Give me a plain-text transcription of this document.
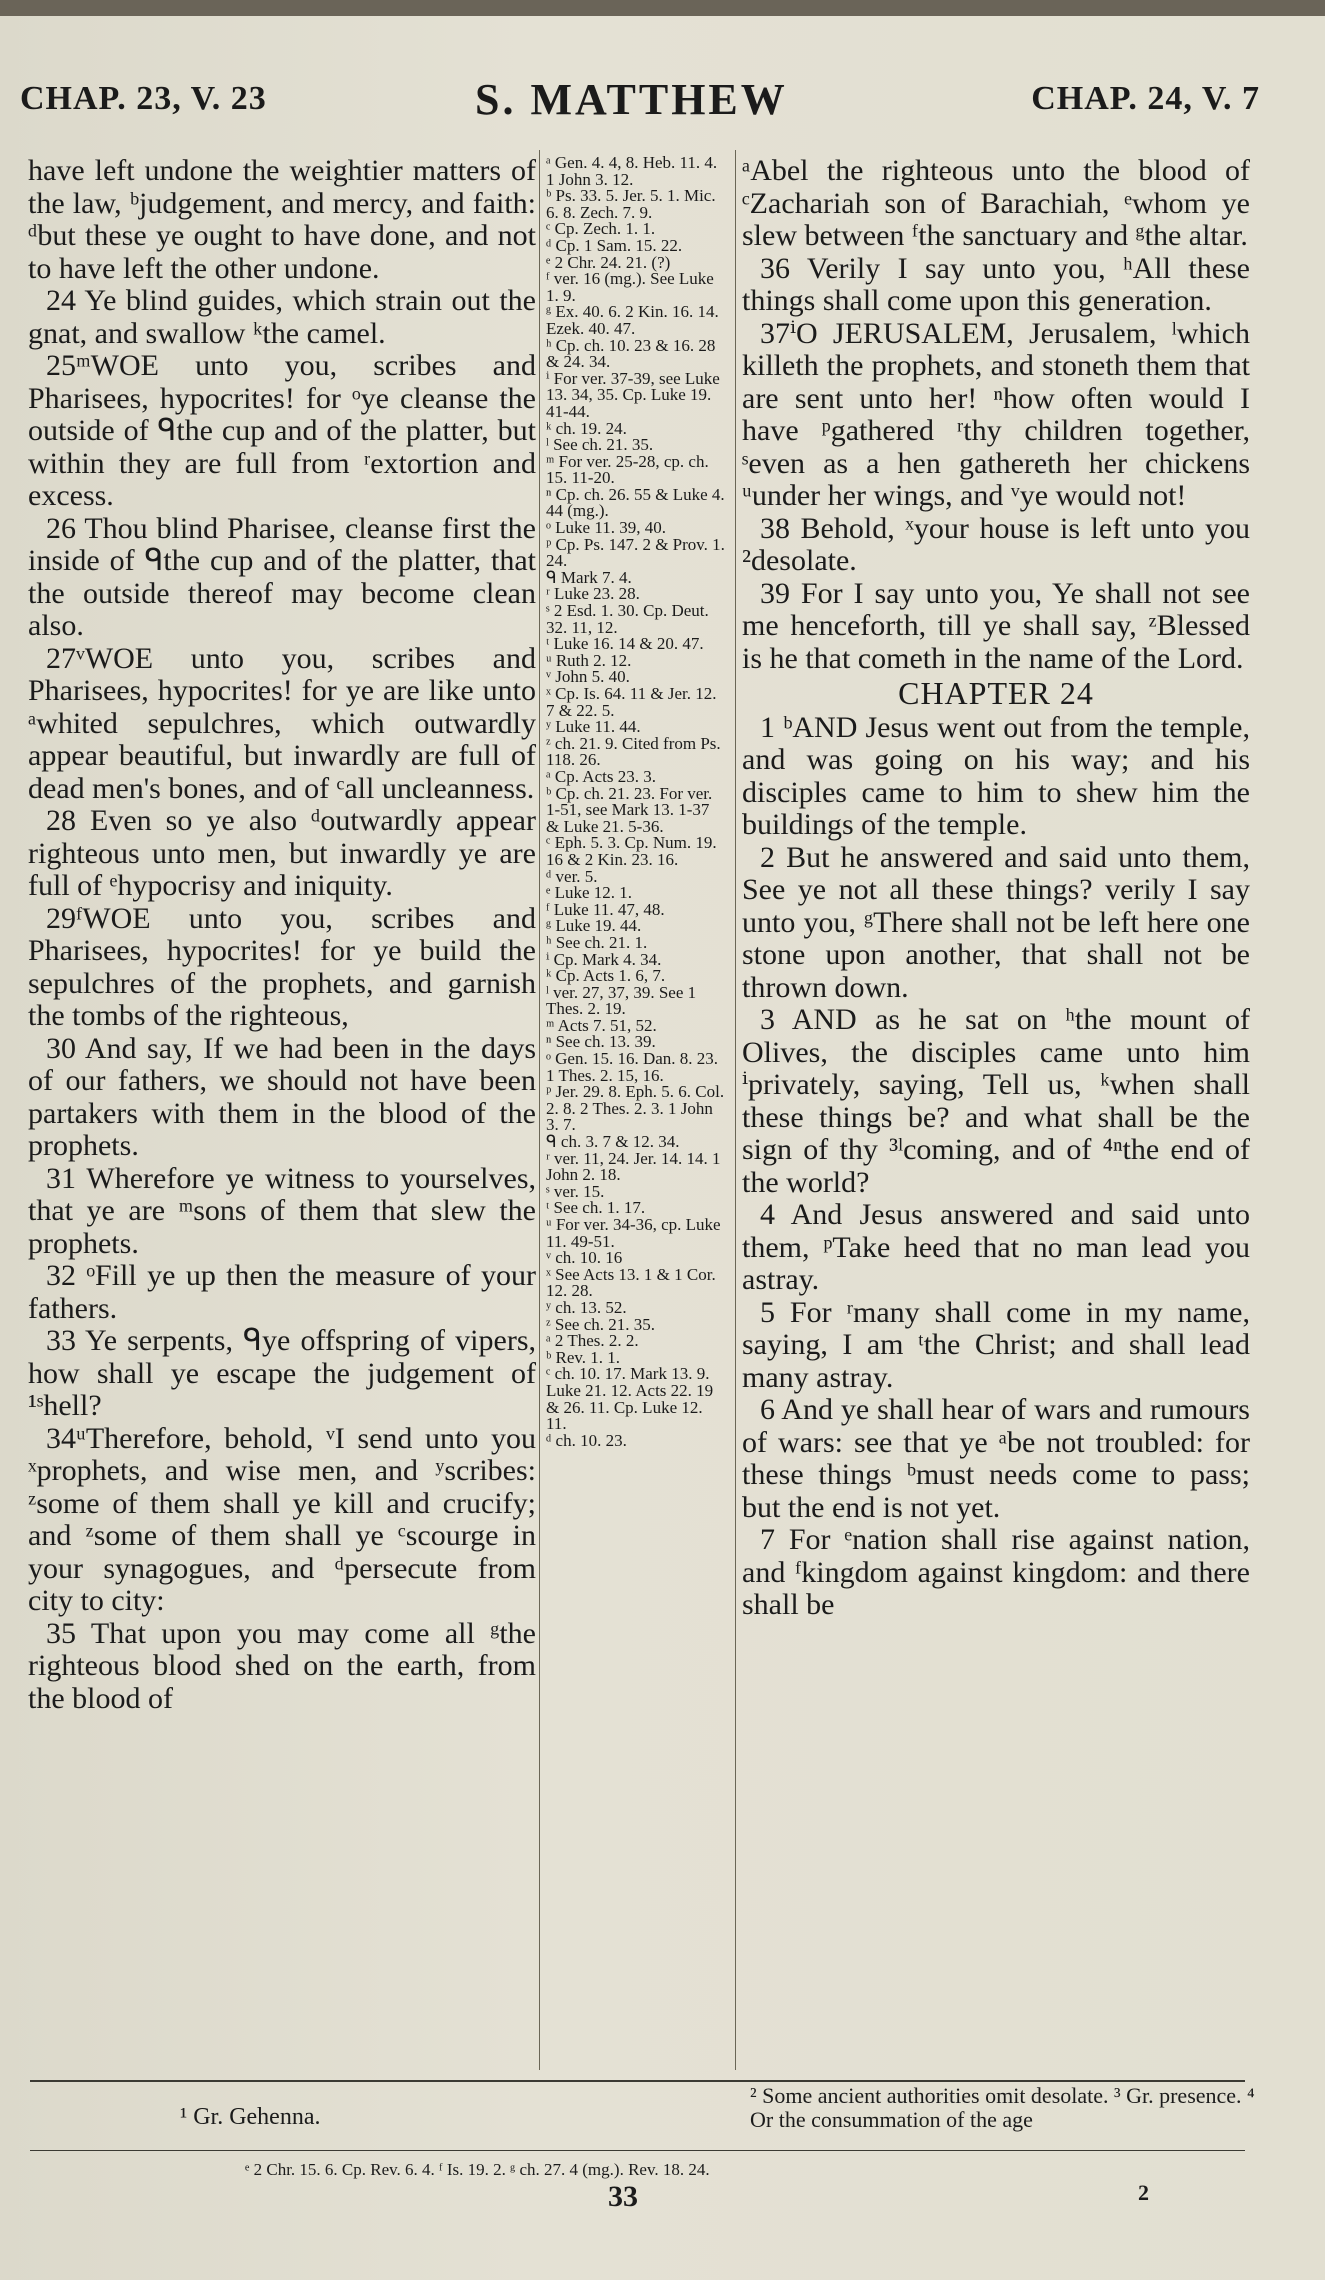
CHAP. 23, V. 23	S. MATTHEW	CHAP. 24, V. 7

have left undone the weightier matters of the law, ᵇjudgement, and mercy, and faith: ᵈbut these ye ought to have done, and not to have left the other undone.

24 Ye blind guides, which strain out the gnat, and swallow ᵏthe camel.

25ᵐWOE unto you, scribes and Pharisees, hypocrites! for ᵒye cleanse the outside of ᑫthe cup and of the platter, but within they are full from ʳextortion and excess.

26 Thou blind Pharisee, cleanse first the inside of ᑫthe cup and of the platter, that the outside thereof may become clean also.

27ᵛWOE unto you, scribes and Pharisees, hypocrites! for ye are like unto ᵃwhited sepulchres, which outwardly appear beautiful, but inwardly are full of dead men's bones, and of ᶜall uncleanness.

28 Even so ye also ᵈoutwardly appear righteous unto men, but inwardly ye are full of ᵉhypocrisy and iniquity.

29ᶠWOE unto you, scribes and Pharisees, hypocrites! for ye build the sepulchres of the prophets, and garnish the tombs of the righteous,

30 And say, If we had been in the days of our fathers, we should not have been partakers with them in the blood of the prophets.

31 Wherefore ye witness to yourselves, that ye are ᵐsons of them that slew the prophets.

32 ᵒFill ye up then the measure of your fathers.

33 Ye serpents, ᑫye offspring of vipers, how shall ye escape the judgement of ¹ˢhell?

34ᵘTherefore, behold, ᵛI send unto you ˣprophets, and wise men, and ʸscribes: ᶻsome of them shall ye kill and crucify; and ᶻsome of them shall ye ᶜscourge in your synagogues, and ᵈpersecute from city to city:

35 That upon you may come all ᵍthe righteous blood shed on the earth, from the blood of

ᵃ Gen. 4. 4, 8. Heb. 11. 4. 1 John 3. 12.
ᵇ Ps. 33. 5. Jer. 5. 1. Mic. 6. 8. Zech. 7. 9.
ᶜ Cp. Zech. 1. 1.
ᵈ Cp. 1 Sam. 15. 22.
ᵉ 2 Chr. 24. 21. (?)
ᶠ ver. 16 (mg.). See Luke 1. 9.
ᵍ Ex. 40. 6. 2 Kin. 16. 14. Ezek. 40. 47.
ʰ Cp. ch. 10. 23 & 16. 28 & 24. 34.
ⁱ For ver. 37-39, see Luke 13. 34, 35. Cp. Luke 19. 41-44.
ᵏ ch. 19. 24.
ˡ See ch. 21. 35.
ᵐ For ver. 25-28, cp. ch. 15. 11-20.
ⁿ Cp. ch. 26. 55 & Luke 4. 44 (mg.).
ᵒ Luke 11. 39, 40.
ᵖ Cp. Ps. 147. 2 & Prov. 1. 24.
ᑫ Mark 7. 4.
ʳ Luke 23. 28.
ˢ 2 Esd. 1. 30. Cp. Deut. 32. 11, 12.
ᵗ Luke 16. 14 & 20. 47.
ᵘ Ruth 2. 12.
ᵛ John 5. 40.
ˣ Cp. Is. 64. 11 & Jer. 12. 7 & 22. 5.
ʸ Luke 11. 44.
ᶻ ch. 21. 9. Cited from Ps. 118. 26.
ᵃ Cp. Acts 23. 3.
ᵇ Cp. ch. 21. 23. For ver. 1-51, see Mark 13. 1-37 & Luke 21. 5-36.
ᶜ Eph. 5. 3. Cp. Num. 19. 16 & 2 Kin. 23. 16.
ᵈ ver. 5.
ᵉ Luke 12. 1.
ᶠ Luke 11. 47, 48.
ᵍ Luke 19. 44.
ʰ See ch. 21. 1.
ⁱ Cp. Mark 4. 34.
ᵏ Cp. Acts 1. 6, 7.
ˡ ver. 27, 37, 39. See 1 Thes. 2. 19.
ᵐ Acts 7. 51, 52.
ⁿ See ch. 13. 39.
ᵒ Gen. 15. 16. Dan. 8. 23. 1 Thes. 2. 15, 16.
ᵖ Jer. 29. 8. Eph. 5. 6. Col. 2. 8. 2 Thes. 2. 3. 1 John 3. 7.
ᑫ ch. 3. 7 & 12. 34.
ʳ ver. 11, 24. Jer. 14. 14. 1 John 2. 18.
ˢ ver. 15.
ᵗ See ch. 1. 17.
ᵘ For ver. 34-36, cp. Luke 11. 49-51.
ᵛ ch. 10. 16
ˣ See Acts 13. 1 & 1 Cor. 12. 28.
ʸ ch. 13. 52.
ᶻ See ch. 21. 35.
ᵃ 2 Thes. 2. 2.
ᵇ Rev. 1. 1.
ᶜ ch. 10. 17. Mark 13. 9. Luke 21. 12. Acts 22. 19 & 26. 11. Cp. Luke 12. 11.
ᵈ ch. 10. 23.

ᵃAbel the righteous unto the blood of ᶜZachariah son of Barachiah, ᵉwhom ye slew between ᶠthe sanctuary and ᵍthe altar.

36 Verily I say unto you, ʰAll these things shall come upon this generation.

37ⁱO JERUSALEM, Jerusalem, ˡwhich killeth the prophets, and stoneth them that are sent unto her! ⁿhow often would I have ᵖgathered ʳthy children together, ˢeven as a hen gathereth her chickens ᵘunder her wings, and ᵛye would not!

38 Behold, ˣyour house is left unto you ²desolate.

39 For I say unto you, Ye shall not see me henceforth, till ye shall say, ᶻBlessed is he that cometh in the name of the Lord.

CHAPTER 24

1 ᵇAND Jesus went out from the temple, and was going on his way; and his disciples came to him to shew him the buildings of the temple.

2 But he answered and said unto them, See ye not all these things? verily I say unto you, ᵍThere shall not be left here one stone upon another, that shall not be thrown down.

3 AND as he sat on ʰthe mount of Olives, the disciples came unto him ⁱprivately, saying, Tell us, ᵏwhen shall these things be? and what shall be the sign of thy ³ˡcoming, and of ⁴ⁿthe end of the world?

4 And Jesus answered and said unto them, ᵖTake heed that no man lead you astray.

5 For ʳmany shall come in my name, saying, I am ᵗthe Christ; and shall lead many astray.

6 And ye shall hear of wars and rumours of wars: see that ye ᵃbe not troubled: for these things ᵇmust needs come to pass; but the end is not yet.

7 For ᵉnation shall rise against nation, and ᶠkingdom against kingdom: and there shall be

¹ Gr. Gehenna.
² Some ancient authorities omit desolate. ³ Gr. presence. ⁴ Or the consummation of the age
ᵉ 2 Chr. 15. 6. Cp. Rev. 6. 4. ᶠ Is. 19. 2. ᵍ ch. 27. 4 (mg.). Rev. 18. 24.
33	2
